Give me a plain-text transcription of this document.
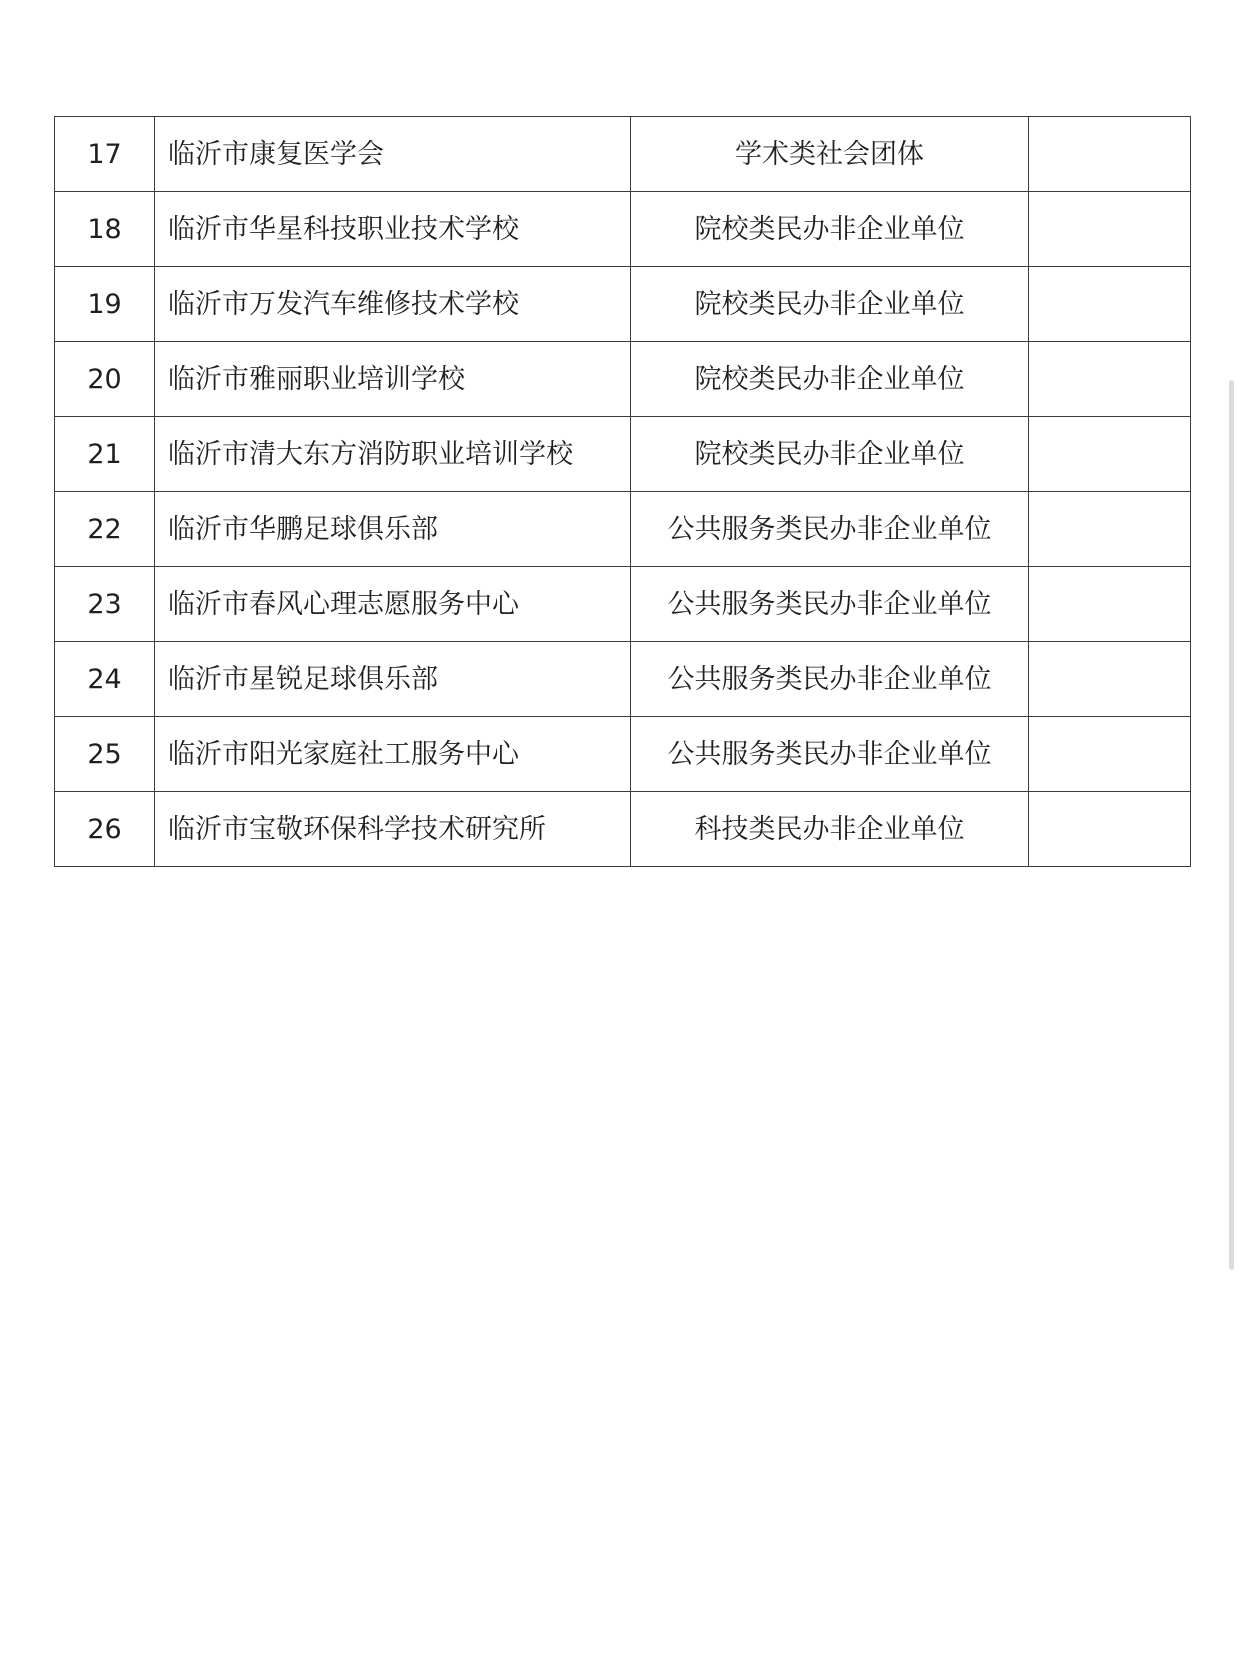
17	临沂市康复医学会	学术类社会团体	
18	临沂市华星科技职业技术学校	院校类民办非企业单位	
19	临沂市万发汽车维修技术学校	院校类民办非企业单位	
20	临沂市雅丽职业培训学校	院校类民办非企业单位	
21	临沂市清大东方消防职业培训学校	院校类民办非企业单位	
22	临沂市华鹏足球俱乐部	公共服务类民办非企业单位	
23	临沂市春风心理志愿服务中心	公共服务类民办非企业单位	
24	临沂市星锐足球俱乐部	公共服务类民办非企业单位	
25	临沂市阳光家庭社工服务中心	公共服务类民办非企业单位	
26	临沂市宝敬环保科学技术研究所	科技类民办非企业单位	
